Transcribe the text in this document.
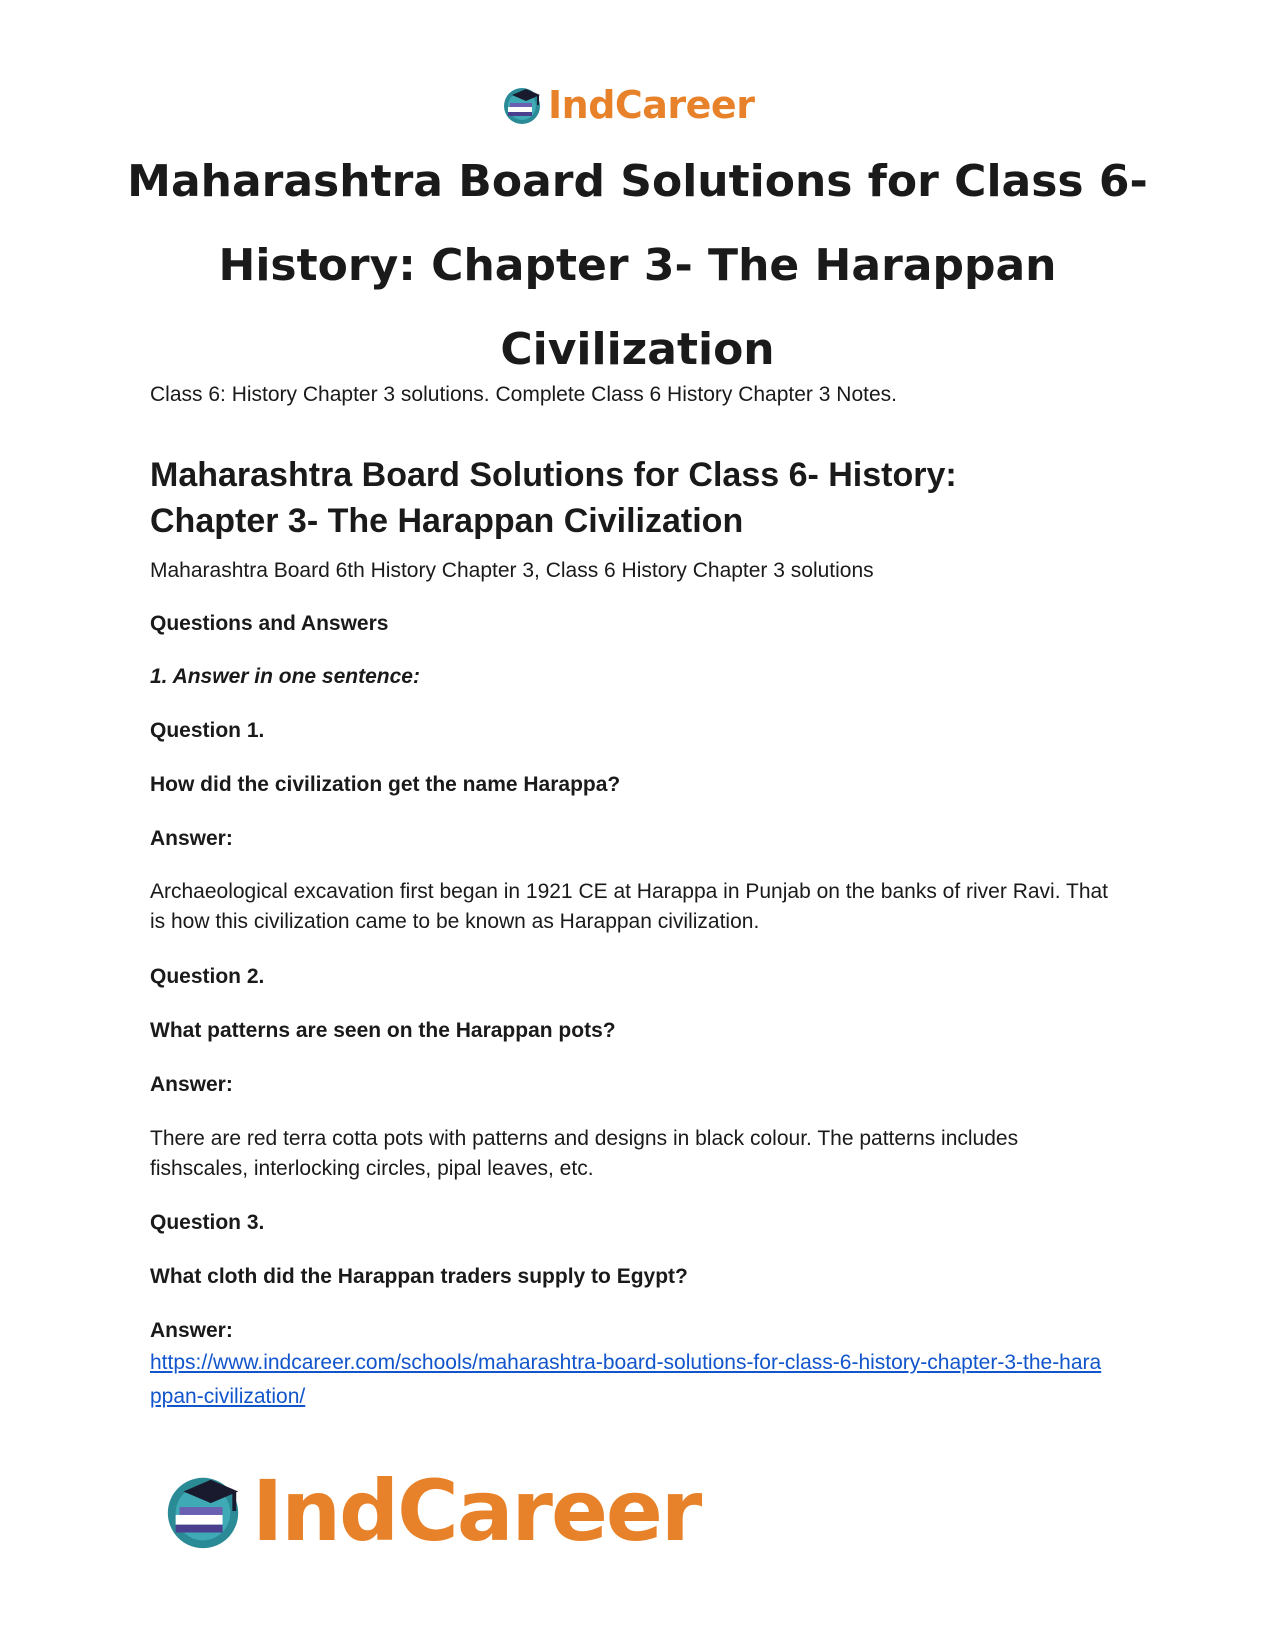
IndCareer
Maharashtra Board Solutions for Class 6- History: Chapter 3- The Harappan Civilization

Class 6: History Chapter 3 solutions. Complete Class 6 History Chapter 3 Notes.

Maharashtra Board Solutions for Class 6- History: Chapter 3- The Harappan Civilization

Maharashtra Board 6th History Chapter 3, Class 6 History Chapter 3 solutions

Questions and Answers

1. Answer in one sentence:

Question 1.

How did the civilization get the name Harappa?

Answer:

Archaeological excavation first began in 1921 CE at Harappa in Punjab on the banks of river Ravi. That is how this civilization came to be known as Harappan civilization.

Question 2.

What patterns are seen on the Harappan pots?

Answer:

There are red terra cotta pots with patterns and designs in black colour. The patterns includes fishscales, interlocking circles, pipal leaves, etc.

Question 3.

What cloth did the Harappan traders supply to Egypt?

Answer:

https://www.indcareer.com/schools/maharashtra-board-solutions-for-class-6-history-chapter-3-the-harappan-civilization/
IndCareer
